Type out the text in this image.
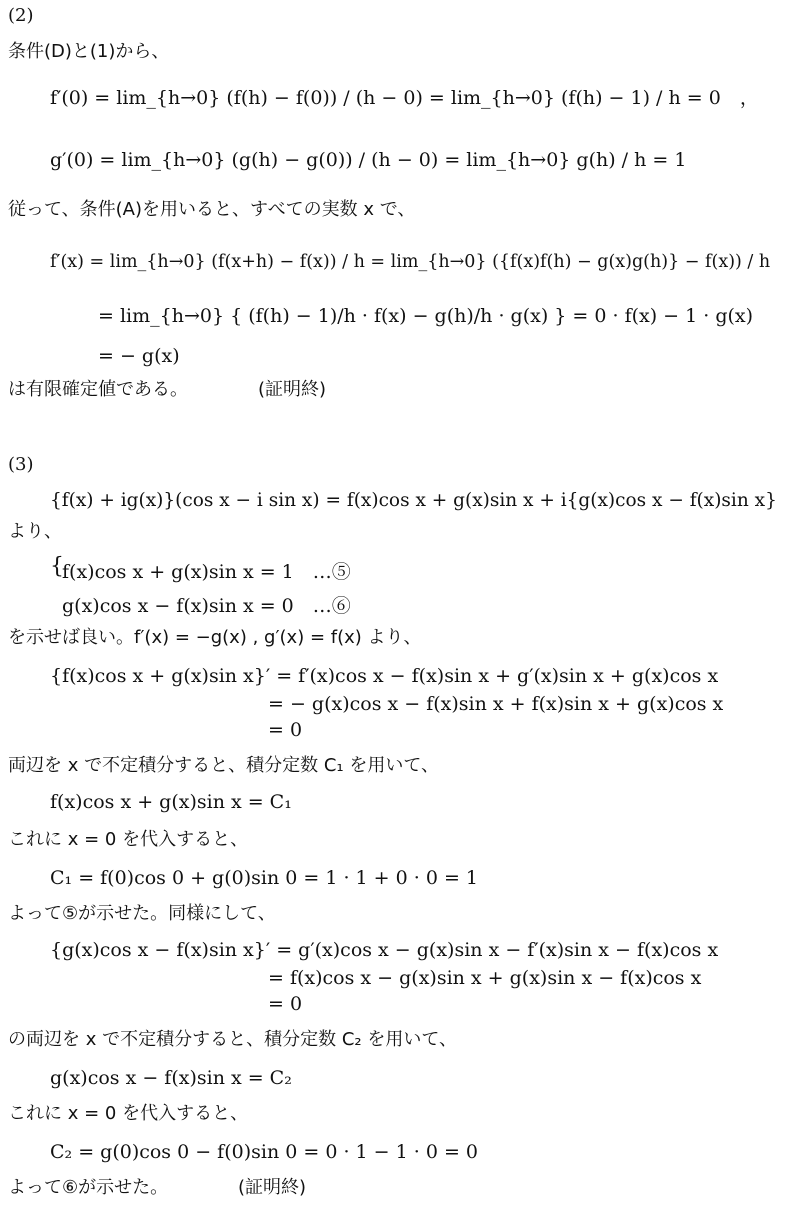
(2)
条件(D)と(1)から、
f′(0) = lim_{h→0} (f(h) − f(0)) / (h − 0) = lim_{h→0} (f(h) − 1) / h = 0　，
g′(0) = lim_{h→0} (g(h) − g(0)) / (h − 0) = lim_{h→0} g(h) / h = 1
従って、条件(A)を用いると、すべての実数 x で、
f′(x) = lim_{h→0} (f(x+h) − f(x)) / h = lim_{h→0} ({f(x)f(h) − g(x)g(h)} − f(x)) / h
= lim_{h→0} { (f(h) − 1)/h · f(x) − g(h)/h · g(x) } = 0 · f(x) − 1 · g(x)
= − g(x)
は有限確定値である。	(証明終)
(3)
{f(x) + ig(x)}(cos x − i sin x) = f(x)cos x + g(x)sin x + i{g(x)cos x − f(x)sin x}
より、
{
f(x)cos x + g(x)sin x = 1　…⑤
g(x)cos x − f(x)sin x = 0　…⑥
を示せば良い。f′(x) = −g(x) , g′(x) = f(x) より、
{f(x)cos x + g(x)sin x}′ = f′(x)cos x − f(x)sin x + g′(x)sin x + g(x)cos x
= − g(x)cos x − f(x)sin x + f(x)sin x + g(x)cos x
= 0
両辺を x で不定積分すると、積分定数 C₁ を用いて、
f(x)cos x + g(x)sin x = C₁
これに x = 0 を代入すると、
C₁ = f(0)cos 0 + g(0)sin 0 = 1 · 1 + 0 · 0 = 1
よって⑤が示せた。同様にして、
{g(x)cos x − f(x)sin x}′ = g′(x)cos x − g(x)sin x − f′(x)sin x − f(x)cos x
= f(x)cos x − g(x)sin x + g(x)sin x − f(x)cos x
= 0
の両辺を x で不定積分すると、積分定数 C₂ を用いて、
g(x)cos x − f(x)sin x = C₂
これに x = 0 を代入すると、
C₂ = g(0)cos 0 − f(0)sin 0 = 0 · 1 − 1 · 0 = 0
よって⑥が示せた。	(証明終)
